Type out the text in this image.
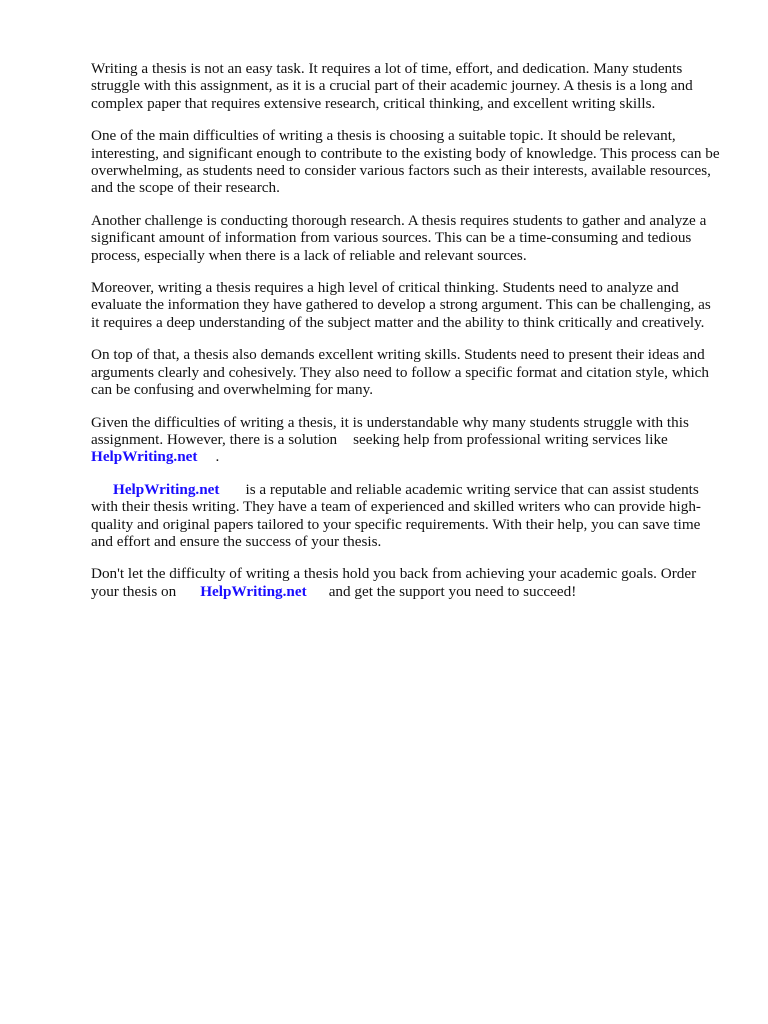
Writing a thesis is not an easy task. It requires a lot of time, effort, and dedication. Many students struggle with this assignment, as it is a crucial part of their academic journey. A thesis is a long and complex paper that requires extensive research, critical thinking, and excellent writing skills.

One of the main difficulties of writing a thesis is choosing a suitable topic. It should be relevant, interesting, and significant enough to contribute to the existing body of knowledge. This process can be overwhelming, as students need to consider various factors such as their interests, available resources, and the scope of their research.

Another challenge is conducting thorough research. A thesis requires students to gather and analyze a significant amount of information from various sources. This can be a time-consuming and tedious process, especially when there is a lack of reliable and relevant sources.

Moreover, writing a thesis requires a high level of critical thinking. Students need to analyze and evaluate the information they have gathered to develop a strong argument. This can be challenging, as it requires a deep understanding of the subject matter and the ability to think critically and creatively.

On top of that, a thesis also demands excellent writing skills. Students need to present their ideas and arguments clearly and cohesively. They also need to follow a specific format and citation style, which can be confusing and overwhelming for many.

Given the difficulties of writing a thesis, it is understandable why many students struggle with this assignment. However, there is a solution seeking help from professional writing services like
HelpWriting.net .

HelpWriting.net is a reputable and reliable academic writing service that can assist students with their thesis writing. They have a team of experienced and skilled writers who can provide high-quality and original papers tailored to your specific requirements. With their help, you can save time and effort and ensure the success of your thesis.

Don't let the difficulty of writing a thesis hold you back from achieving your academic goals. Order your thesis on HelpWriting.net and get the support you need to succeed!
